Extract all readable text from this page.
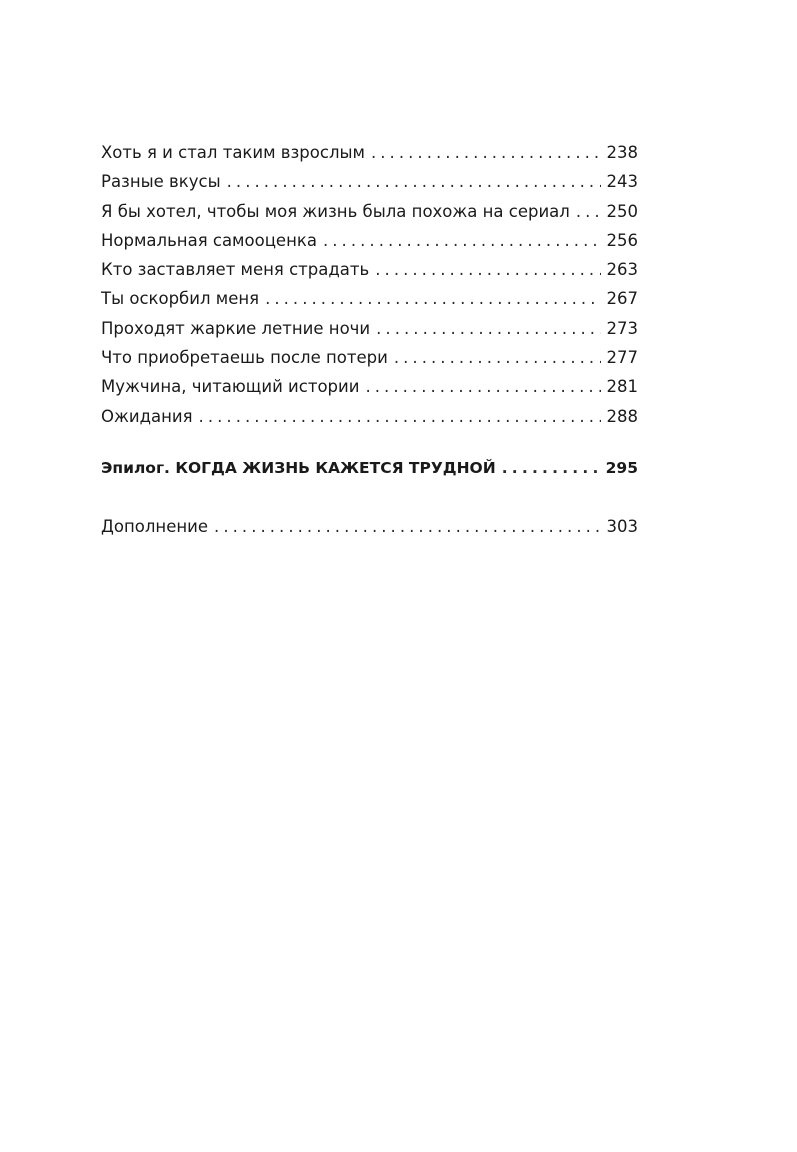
Хоть я и стал таким взрослым . . .	238
Разные вкусы . . .	243
Я бы хотел, чтобы моя жизнь была похожа на сериал . . .	250
Нормальная самооценка . . .	256
Кто заставляет меня страдать . . .	263
Ты оскорбил меня . . .	267
Проходят жаркие летние ночи . . .	273
Что приобретаешь после потери . . .	277
Мужчина, читающий истории . . .	281
Ожидания . . .	288
Эпилог. КОГДА ЖИЗНЬ КАЖЕТСЯ ТРУДНОЙ . . .	295
Дополнение . . .	303
